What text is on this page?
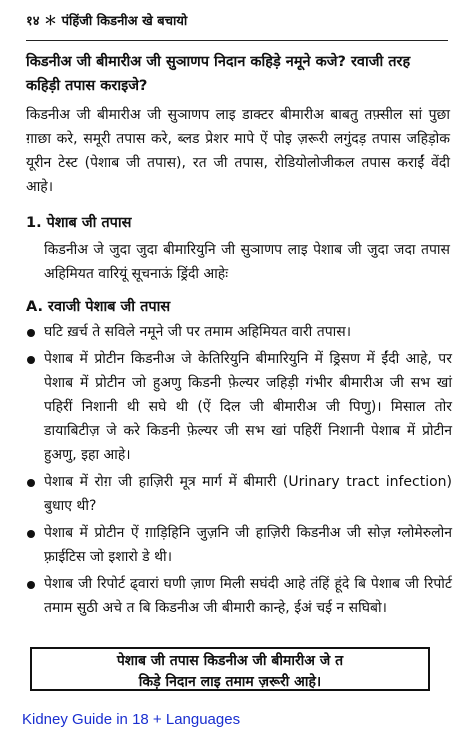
१४ ＊ पंहिंजी किडनीअ खे बचायो
किडनीअ जी बीमारीअ जी सुञाणप निदान कहिड़े नमूने कजे? रवाजी तरह कहिड़ी तपास कराइजे?
किडनीअ जी बीमारीअ जी सुञाणप लाइ डाक्टर बीमारीअ बाबतु तफ़्सील सां पुछा ग़ाछा करे, समूरी तपास करे, ब्लड प्रेशर मापे ऐं पोइ ज़रूरी लगुंदड़ तपास जहिड़ोक यूरीन टेस्ट (पेशाब जी तपास), रत जी तपास, रोडियोलोजीकल तपास कराईं वेंदी आहे।
1. पेशाब जी तपास
किडनीअ जे जुदा जुदा बीमारियुनि जी सुञाणप लाइ पेशाब जी जुदा जदा तपास अहिमियत वारियूं सूचनाऊं ड्रिंदी आहेः
A. रवाजी पेशाब जी तपास
घटि ख़र्च ते सविले नमूने जी पर तमाम अहिमियत वारी तपास।
पेशाब में प्रोटीन किडनीअ जे केतिरियुनि बीमारियुनि में ड्रिसण में ईंदी आहे, पर पेशाब में प्रोटीन जो हुअणु किडनी फ़ेल्यर जहिड़ी गंभीर बीमारीअ जी सभ खां पहिरीं निशानी थी सघे थी (ऐं दिल जी बीमारीअ जी पिणु)। मिसाल तोर डायाबिटीज़ जे करे किडनी फ़ेल्यर जी सभ खां पहिरीं निशानी पेशाब में प्रोटीन हुअणु, इहा आहे।
पेशाब में रोग़ जी हाज़िरी मूत्र मार्ग में बीमारी (Urinary tract infection) बुधाए थी?
पेशाब में प्रोटीन ऐं ग़ाड़िहिनि जुज़नि जी हाज़िरी किडनीअ जी सोज़ ग्लोमेरुलोन फ़्राईटिस जो इशारो डे थी।
पेशाब जी रिपोर्ट ढ्वारां घणी ज़ाण मिली सघंदी आहे तंहिं हूंदे बि पेशाब जी रिपोर्ट तमाम सुठी अचे त बि किडनीअ जी बीमारी कान्हे, ईअं चई न सघिबो।
पेशाब जी तपास किडनीअ जी बीमारीअ जे त
किड़े निदान लाइ तमाम ज़रूरी आहे।
Kidney Guide in 18 + Languages
